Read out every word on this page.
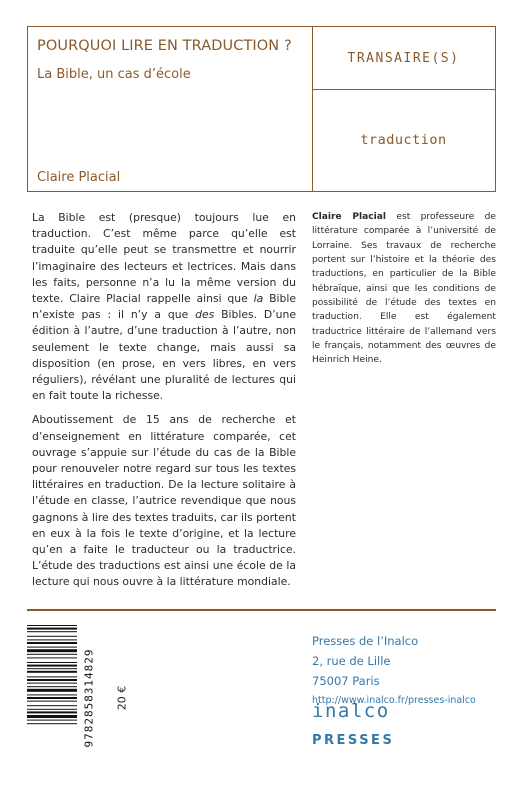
POURQUOI LIRE EN TRADUCTION ?
La Bible, un cas d’école
Claire Placial
TRANSAIRE(S)
traduction

La Bible est (presque) toujours lue en traduction. C’est même parce qu’elle est traduite qu’elle peut se transmettre et nourrir l’imaginaire des lecteurs et lectrices. Mais dans les faits, personne n’a lu la même version du texte. Claire Placial rappelle ainsi que la Bible n’existe pas : il n’y a que des Bibles. D’une édition à l’autre, d’une traduction à l’autre, non seulement le texte change, mais aussi sa disposition (en prose, en vers libres, en vers réguliers), révélant une pluralité de lectures qui en fait toute la richesse.

Aboutissement de 15 ans de recherche et d’enseignement en littérature comparée, cet ouvrage s’appuie sur l’étude du cas de la Bible pour renouveler notre regard sur tous les textes littéraires en traduction. De la lecture solitaire à l’étude en classe, l’autrice revendique que nous gagnons à lire des textes traduits, car ils portent en eux à la fois le texte d’origine, et la lecture qu’en a faite le traducteur ou la traductrice. L’étude des traductions est ainsi une école de la lecture qui nous ouvre à la littérature mondiale.

Claire Placial est professeure de littérature comparée à l’université de Lorraine. Ses travaux de recherche portent sur l’histoire et la théorie des traductions, en particulier de la Bible hébraïque, ainsi que les conditions de possibilité de l’étude des textes en traduction. Elle est également traductrice littéraire de l’allemand vers le français, notamment des œuvres de Heinrich Heine.
9782858314829 20 €
Presses de l’Inalco
2, rue de Lille
75007 Paris
http://www.inalco.fr/presses-inalco
inalco
PRESSES
